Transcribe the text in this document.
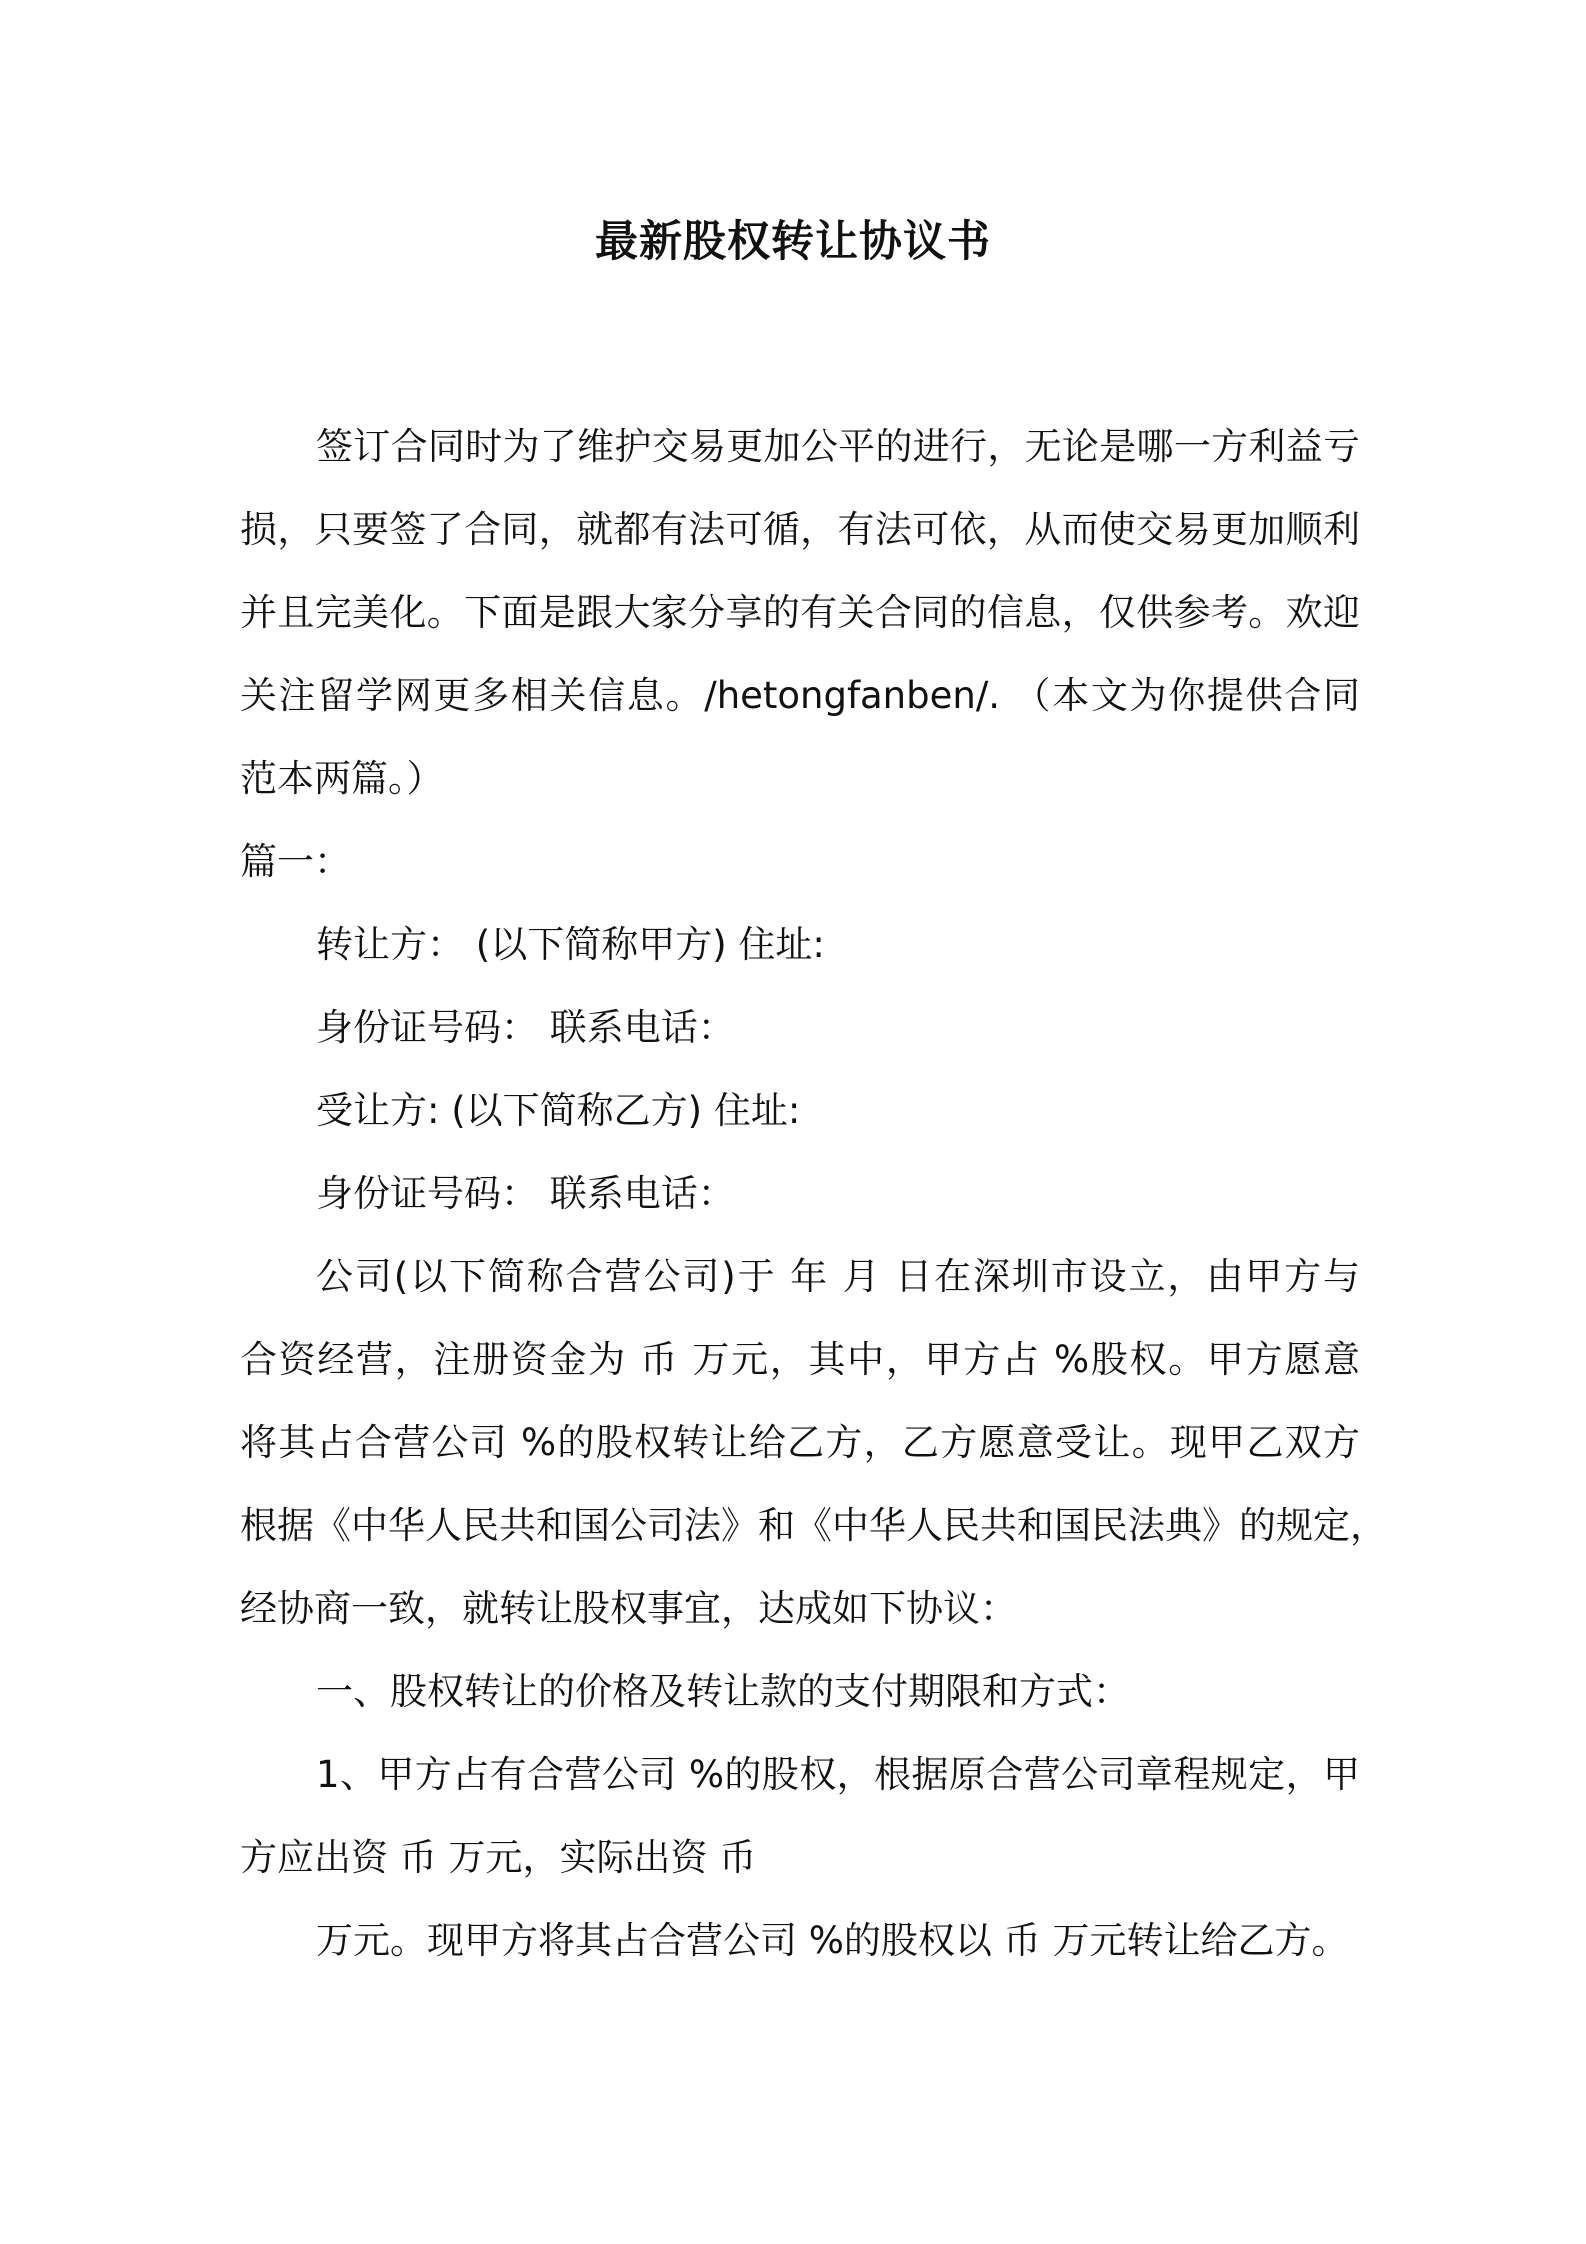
最新股权转让协议书
签订合同时为了维护交易更加公平的进行，无论是哪一方利益亏
损，只要签了合同，就都有法可循，有法可依，从而使交易更加顺利
并且完美化。下面是跟大家分享的有关合同的信息，仅供参考。欢迎
关注留学网更多相关信息。/hetongfanben/. （本文为你提供合同
范本两篇。）
篇一：
转让方： (以下简称甲方) 住址:
身份证号码： 联系电话：
受让方: (以下简称乙方) 住址:
身份证号码： 联系电话：
公司(以下简称合营公司)于 年 月 日在深圳市设立，由甲方与
合资经营，注册资金为 币 万元，其中，甲方占 %股权。甲方愿意
将其占合营公司 %的股权转让给乙方，乙方愿意受让。现甲乙双方
根据《中华人民共和国公司法》和《中华人民共和国民法典》的规定，
经协商一致，就转让股权事宜，达成如下协议：
一、股权转让的价格及转让款的支付期限和方式：
1、甲方占有合营公司 %的股权，根据原合营公司章程规定，甲
方应出资 币 万元，实际出资 币
万元。现甲方将其占合营公司 %的股权以 币 万元转让给乙方。
